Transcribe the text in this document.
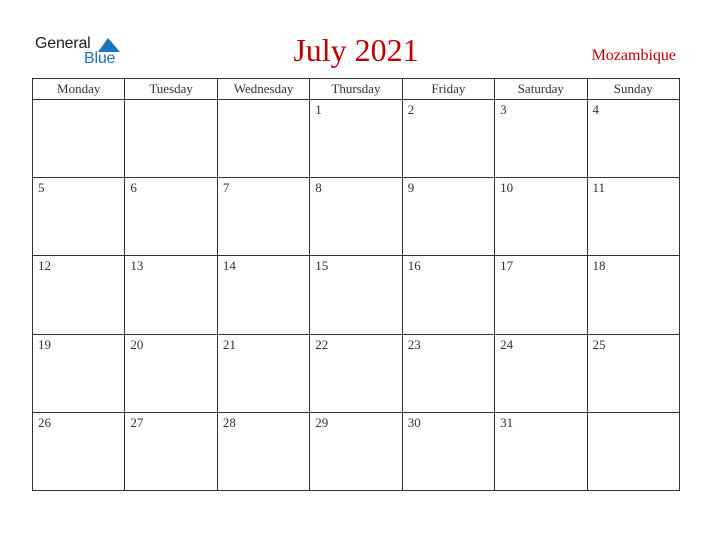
General
Blue	July 2021	Mozambique
Monday	Tuesday	Wednesday	Thursday	Friday	Saturday	Sunday

			1	2	3	4

5	6	7	8	9	10	11

12	13	14	15	16	17	18

19	20	21	22	23	24	25

26	27	28	29	30	31	
